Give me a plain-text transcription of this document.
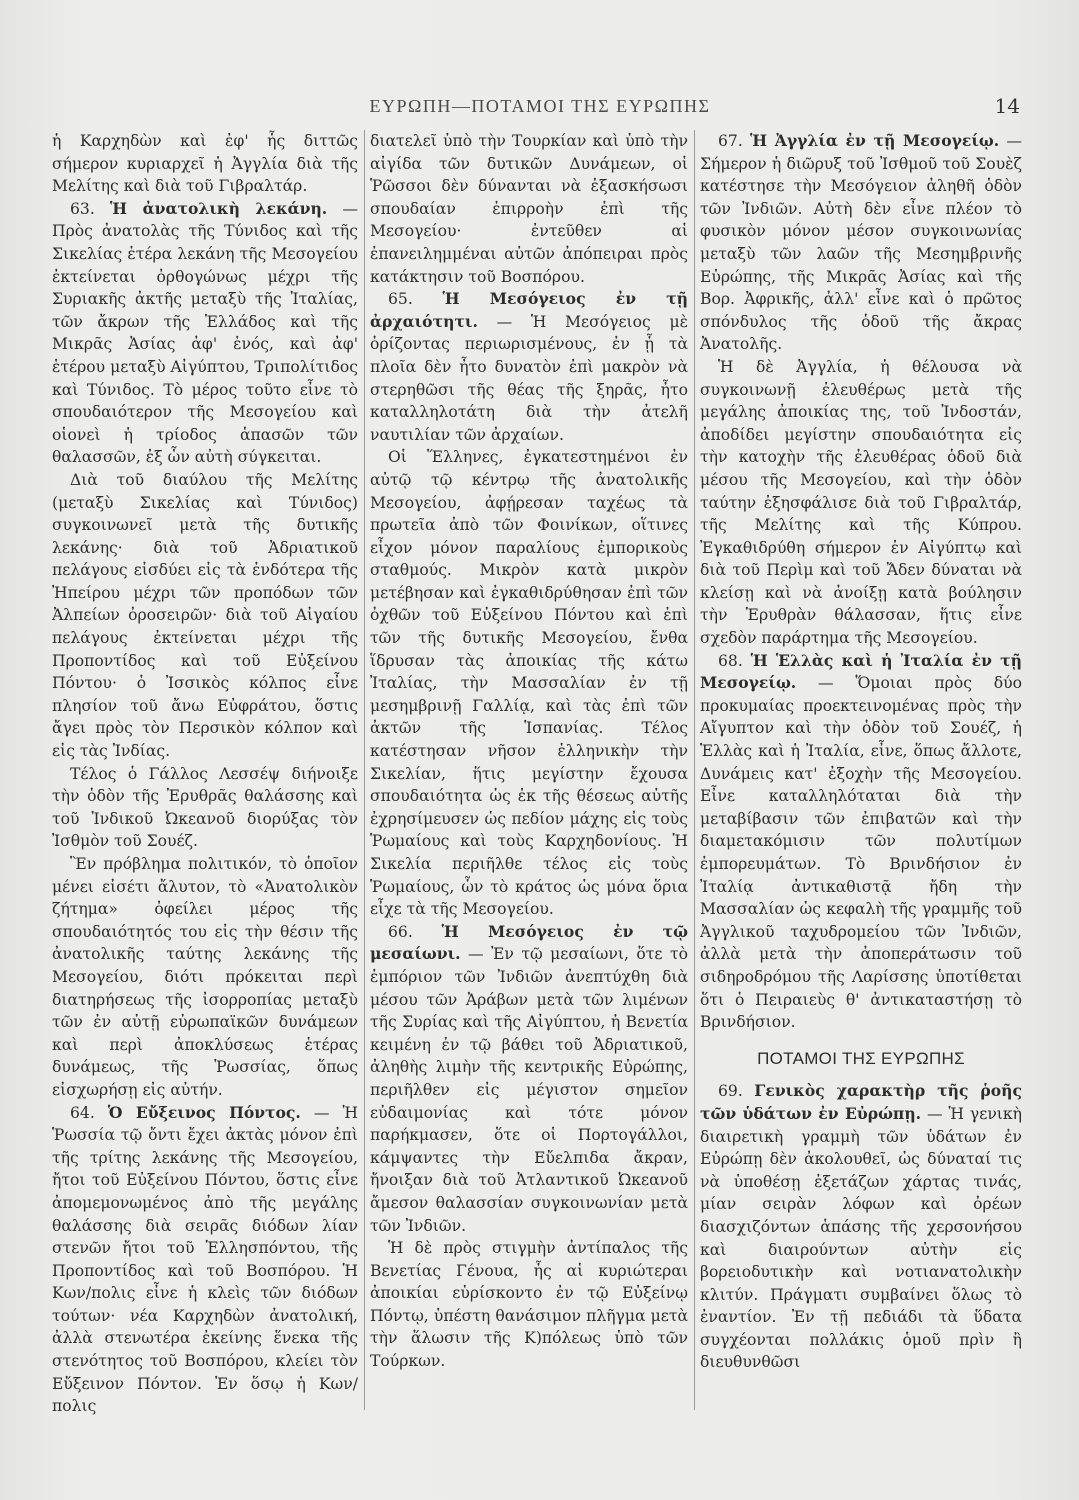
ΕΥΡΩΠΗ—ΠΟΤΑΜΟΙ ΤΗΣ ΕΥΡΩΠΗΣ	14

ἡ Καρχηδὼν καὶ ἐφ' ἧς διττῶς σήμερον κυριαρχεῖ ἡ Ἀγγλία διὰ τῆς Μελίτης καὶ διὰ τοῦ Γιβραλτάρ.

63. Ἡ ἀνατολικὴ λεκάνη. — Πρὸς ἀνατολὰς τῆς Τύνιδος καὶ τῆς Σικελίας ἑτέρα λεκάνη τῆς Μεσογείου ἐκτείνεται ὀρθογώνως μέχρι τῆς Συριακῆς ἀκτῆς μεταξὺ τῆς Ἰταλίας, τῶν ἄκρων τῆς Ἑλλάδος καὶ τῆς Μικρᾶς Ἀσίας ἀφ' ἑνός, καὶ ἀφ' ἑτέρου μεταξὺ Αἰγύπτου, Τριπολίτιδος καὶ Τύνιδος. Τὸ μέρος τοῦτο εἶνε τὸ σπουδαιότερον τῆς Μεσογείου καὶ οἱονεὶ ἡ τρίοδος ἁπασῶν τῶν θαλασσῶν, ἐξ ὧν αὐτὴ σύγκειται.

Διὰ τοῦ διαύλου τῆς Μελίτης (μεταξὺ Σικελίας καὶ Τύνιδος) συγκοινωνεῖ μετὰ τῆς δυτικῆς λεκάνης· διὰ τοῦ Ἀδριατικοῦ πελάγους εἰσδύει εἰς τὰ ἐνδότερα τῆς Ἠπείρου μέχρι τῶν προπόδων τῶν Ἀλπείων ὀροσειρῶν· διὰ τοῦ Αἰγαίου πελάγους ἐκτείνεται μέχρι τῆς Προποντίδος καὶ τοῦ Εὐξείνου Πόντου· ὁ Ἰσσικὸς κόλπος εἶνε πλησίον τοῦ ἄνω Εὐφράτου, ὅστις ἄγει πρὸς τὸν Περσικὸν κόλπον καὶ εἰς τὰς Ἰνδίας.

Τέλος ὁ Γάλλος Λεσσέψ διήνοιξε τὴν ὁδὸν τῆς Ἐρυθρᾶς θαλάσσης καὶ τοῦ Ἰνδικοῦ Ὠκεανοῦ διορύξας τὸν Ἰσθμὸν τοῦ Σουέζ.

Ἓν πρόβλημα πολιτικόν, τὸ ὁποῖον μένει εἰσέτι ἄλυτον, τὸ «Ἀνατολικὸν ζήτημα» ὀφείλει μέρος τῆς σπουδαιότητός του εἰς τὴν θέσιν τῆς ἀνατολικῆς ταύτης λεκάνης τῆς Μεσογείου, διότι πρόκειται περὶ διατηρήσεως τῆς ἰσορροπίας μεταξὺ τῶν ἐν αὐτῇ εὐρωπαϊκῶν δυνάμεων καὶ περὶ ἀποκλύσεως ἑτέρας δυνάμεως, τῆς Ῥωσσίας, ὅπως εἰσχωρήσῃ εἰς αὐτήν.

64. Ὁ Εὔξεινος Πόντος. — Ἡ Ῥωσσία τῷ ὄντι ἔχει ἀκτὰς μόνον ἐπὶ τῆς τρίτης λεκάνης τῆς Μεσογείου, ἤτοι τοῦ Εὐξείνου Πόντου, ὅστις εἶνε ἀπομεμονωμένος ἀπὸ τῆς μεγάλης θαλάσσης διὰ σειρᾶς διόδων λίαν στενῶν ἤτοι τοῦ Ἑλλησπόντου, τῆς Προποντίδος καὶ τοῦ Βοσπόρου. Ἡ Κων/πολις εἶνε ἡ κλεὶς τῶν διόδων τούτων· νέα Καρχηδὼν ἀνατολική, ἀλλὰ στενωτέρα ἐκείνης ἕνεκα τῆς στενότητος τοῦ Βοσπόρου, κλείει τὸν Εὔξεινον Πόντον. Ἐν ὅσῳ ἡ Κων/πολις

διατελεῖ ὑπὸ τὴν Τουρκίαν καὶ ὑπὸ τὴν αἰγίδα τῶν δυτικῶν Δυνάμεων, οἱ Ῥῶσσοι δὲν δύνανται νὰ ἐξασκήσωσι σπουδαίαν ἐπιρροὴν ἐπὶ τῆς Μεσογείου· ἐντεῦθεν αἱ ἐπανειλημμέναι αὐτῶν ἀπόπειραι πρὸς κατάκτησιν τοῦ Βοσπόρου.

65. Ἡ Μεσόγειος ἐν τῇ ἀρχαιότητι. — Ἡ Μεσόγειος μὲ ὁρίζοντας περιωρισμένους, ἐν ᾗ τὰ πλοῖα δὲν ἦτο δυνατὸν ἐπὶ μακρὸν νὰ στερηθῶσι τῆς θέας τῆς ξηρᾶς, ἦτο καταλληλοτάτη διὰ τὴν ἀτελῆ ναυτιλίαν τῶν ἀρχαίων.

Οἱ Ἕλληνες, ἐγκατεστημένοι ἐν αὐτῷ τῷ κέντρῳ τῆς ἀνατολικῆς Μεσογείου, ἀφῄρεσαν ταχέως τὰ πρωτεῖα ἀπὸ τῶν Φοινίκων, οἵτινες εἶχον μόνον παραλίους ἐμπορικοὺς σταθμούς. Μικρὸν κατὰ μικρὸν μετέβησαν καὶ ἐγκαθιδρύθησαν ἐπὶ τῶν ὀχθῶν τοῦ Εὐξείνου Πόντου καὶ ἐπὶ τῶν τῆς δυτικῆς Μεσογείου, ἔνθα ἵδρυσαν τὰς ἀποικίας τῆς κάτω Ἰταλίας, τὴν Μασσαλίαν ἐν τῇ μεσημβρινῇ Γαλλίᾳ, καὶ τὰς ἐπὶ τῶν ἀκτῶν τῆς Ἱσπανίας. Τέλος κατέστησαν νῆσον ἑλληνικὴν τὴν Σικελίαν, ἥτις μεγίστην ἔχουσα σπουδαιότητα ὡς ἐκ τῆς θέσεως αὐτῆς ἐχρησίμευσεν ὡς πεδίον μάχης εἰς τοὺς Ῥωμαίους καὶ τοὺς Καρχηδονίους. Ἡ Σικελία περιῆλθε τέλος εἰς τοὺς Ῥωμαίους, ὧν τὸ κράτος ὡς μόνα ὅρια εἶχε τὰ τῆς Μεσογείου.

66. Ἡ Μεσόγειος ἐν τῷ μεσαίωνι. — Ἐν τῷ μεσαίωνι, ὅτε τὸ ἐμπόριον τῶν Ἰνδιῶν ἀνεπτύχθη διὰ μέσου τῶν Ἀράβων μετὰ τῶν λιμένων τῆς Συρίας καὶ τῆς Αἰγύπτου, ἡ Βενετία κειμένη ἐν τῷ βάθει τοῦ Ἀδριατικοῦ, ἀληθὴς λιμὴν τῆς κεντρικῆς Εὐρώπης, περιῆλθεν εἰς μέγιστον σημεῖον εὐδαιμονίας καὶ τότε μόνον παρήκμασεν, ὅτε οἱ Πορτογάλλοι, κάμψαντες τὴν Εὔελπιδα ἄκραν, ἤνοιξαν διὰ τοῦ Ἀτλαντικοῦ Ὠκεανοῦ ἄμεσον θαλασσίαν συγκοινωνίαν μετὰ τῶν Ἰνδιῶν.

Ἡ δὲ πρὸς στιγμὴν ἀντίπαλος τῆς Βενετίας Γένουα, ἧς αἱ κυριώτεραι ἀποικίαι εὑρίσκοντο ἐν τῷ Εὐξείνῳ Πόντῳ, ὑπέστη θανάσιμον πλῆγμα μετὰ τὴν ἅλωσιν τῆς Κ)πόλεως ὑπὸ τῶν Τούρκων.

67. Ἡ Ἀγγλία ἐν τῇ Μεσογείῳ. — Σήμερον ἡ διῶρυξ τοῦ Ἰσθμοῦ τοῦ Σουὲζ κατέστησε τὴν Μεσόγειον ἀληθῆ ὁδὸν τῶν Ἰνδιῶν. Αὐτὴ δὲν εἶνε πλέον τὸ φυσικὸν μόνον μέσον συγκοινωνίας μεταξὺ τῶν λαῶν τῆς Μεσημβρινῆς Εὐρώπης, τῆς Μικρᾶς Ἀσίας καὶ τῆς Βορ. Ἀφρικῆς, ἀλλ' εἶνε καὶ ὁ πρῶτος σπόνδυλος τῆς ὁδοῦ τῆς ἄκρας Ἀνατολῆς.

Ἡ δὲ Ἀγγλία, ἡ θέλουσα νὰ συγκοινωνῇ ἐλευθέρως μετὰ τῆς μεγάλης ἀποικίας της, τοῦ Ἰνδοστάν, ἀποδίδει μεγίστην σπουδαιότητα εἰς τὴν κατοχὴν τῆς ἐλευθέρας ὁδοῦ διὰ μέσου τῆς Μεσογείου, καὶ τὴν ὁδὸν ταύτην ἐξησφάλισε διὰ τοῦ Γιβραλτάρ, τῆς Μελίτης καὶ τῆς Κύπρου. Ἐγκαθιδρύθη σήμερον ἐν Αἰγύπτῳ καὶ διὰ τοῦ Περὶμ καὶ τοῦ Ἄδεν δύναται νὰ κλείσῃ καὶ νὰ ἀνοίξῃ κατὰ βούλησιν τὴν Ἐρυθρὰν θάλασσαν, ἥτις εἶνε σχεδὸν παράρτημα τῆς Μεσογείου.

68. Ἡ Ἑλλὰς καὶ ἡ Ἰταλία ἐν τῇ Μεσογείῳ. — Ὅμοιαι πρὸς δύο προκυμαίας προεκτεινομένας πρὸς τὴν Αἴγυπτον καὶ τὴν ὁδὸν τοῦ Σουέζ, ἡ Ἑλλὰς καὶ ἡ Ἰταλία, εἶνε, ὅπως ἄλλοτε, Δυνάμεις κατ' ἐξοχὴν τῆς Μεσογείου. Εἶνε καταλληλόταται διὰ τὴν μεταβίβασιν τῶν ἐπιβατῶν καὶ τὴν διαμετακόμισιν τῶν πολυτίμων ἐμπορευμάτων. Τὸ Βρινδήσιον ἐν Ἰταλίᾳ ἀντικαθιστᾷ ἤδη τὴν Μασσαλίαν ὡς κεφαλὴ τῆς γραμμῆς τοῦ Ἀγγλικοῦ ταχυδρομείου τῶν Ἰνδιῶν, ἀλλὰ μετὰ τὴν ἀποπεράτωσιν τοῦ σιδηροδρόμου τῆς Λαρίσσης ὑποτίθεται ὅτι ὁ Πειραιεὺς θ' ἀντικαταστήσῃ τὸ Βρινδήσιον.

ΠΟΤΑΜΟΙ ΤΗΣ ΕΥΡΩΠΗΣ

69. Γενικὸς χαρακτὴρ τῆς ῥοῆς τῶν ὑδάτων ἐν Εὐρώπῃ. — Ἡ γενικὴ διαιρετικὴ γραμμὴ τῶν ὑδάτων ἐν Εὐρώπῃ δὲν ἀκολουθεῖ, ὡς δύναταί τις νὰ ὑποθέσῃ ἐξετάζων χάρτας τινάς, μίαν σειρὰν λόφων καὶ ὀρέων διασχιζόντων ἁπάσης τῆς χερσονήσου καὶ διαιρούντων αὐτὴν εἰς βορειοδυτικὴν καὶ νοτιανατολικὴν κλιτύν. Πράγματι συμβαίνει ὅλως τὸ ἐναντίον. Ἐν τῇ πεδιάδι τὰ ὕδατα συγχέονται πολλάκις ὁμοῦ πρὶν ἢ διευθυνθῶσι
